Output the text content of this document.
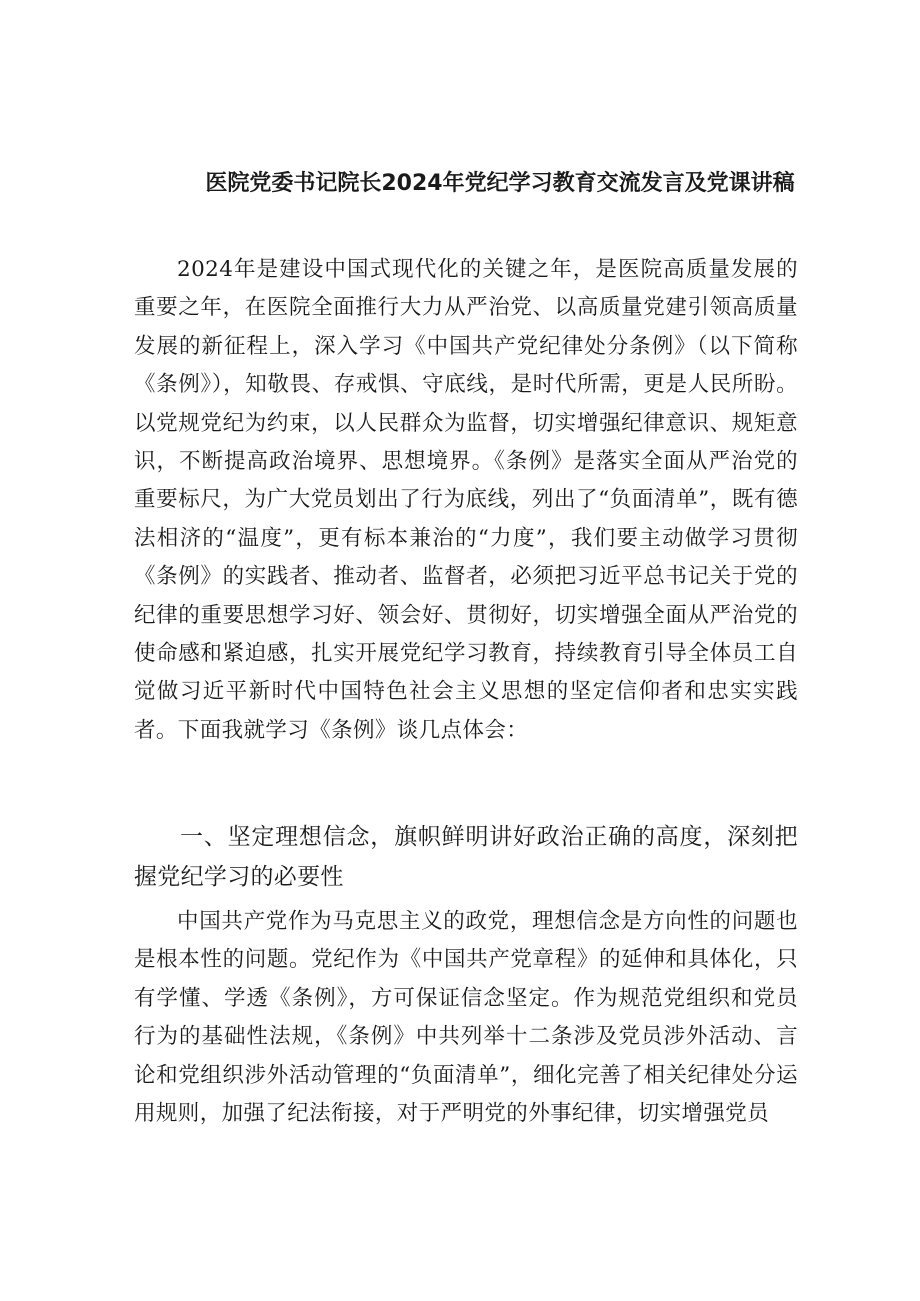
医院党委书记院长2024年党纪学习教育交流发言及党课讲稿

2024年是建设中国式现代化的关键之年，是医院高质量发展的重要之年，在医院全面推行大力从严治党、以高质量党建引领高质量发展的新征程上，深入学习《中国共产党纪律处分条例》（以下简称《条例》），知敬畏、存戒惧、守底线，是时代所需，更是人民所盼。以党规党纪为约束，以人民群众为监督，切实增强纪律意识、规矩意识，不断提高政治境界、思想境界。《条例》是落实全面从严治党的重要标尺，为广大党员划出了行为底线，列出了“负面清单”，既有德法相济的“温度”，更有标本兼治的“力度”，我们要主动做学习贯彻《条例》的实践者、推动者、监督者，必须把习近平总书记关于党的纪律的重要思想学习好、领会好、贯彻好，切实增强全面从严治党的使命感和紧迫感，扎实开展党纪学习教育，持续教育引导全体员工自觉做习近平新时代中国特色社会主义思想的坚定信仰者和忠实实践者。下面我就学习《条例》谈几点体会：

一、坚定理想信念，旗帜鲜明讲好政治正确的高度，深刻把握党纪学习的必要性

中国共产党作为马克思主义的政党，理想信念是方向性的问题也是根本性的问题。党纪作为《中国共产党章程》的延伸和具体化，只有学懂、学透《条例》，方可保证信念坚定。作为规范党组织和党员行为的基础性法规，《条例》中共列举十二条涉及党员涉外活动、言论和党组织涉外活动管理的“负面清单”，细化完善了相关纪律处分运用规则，加强了纪法衔接，对于严明党的外事纪律，切实增强党员
